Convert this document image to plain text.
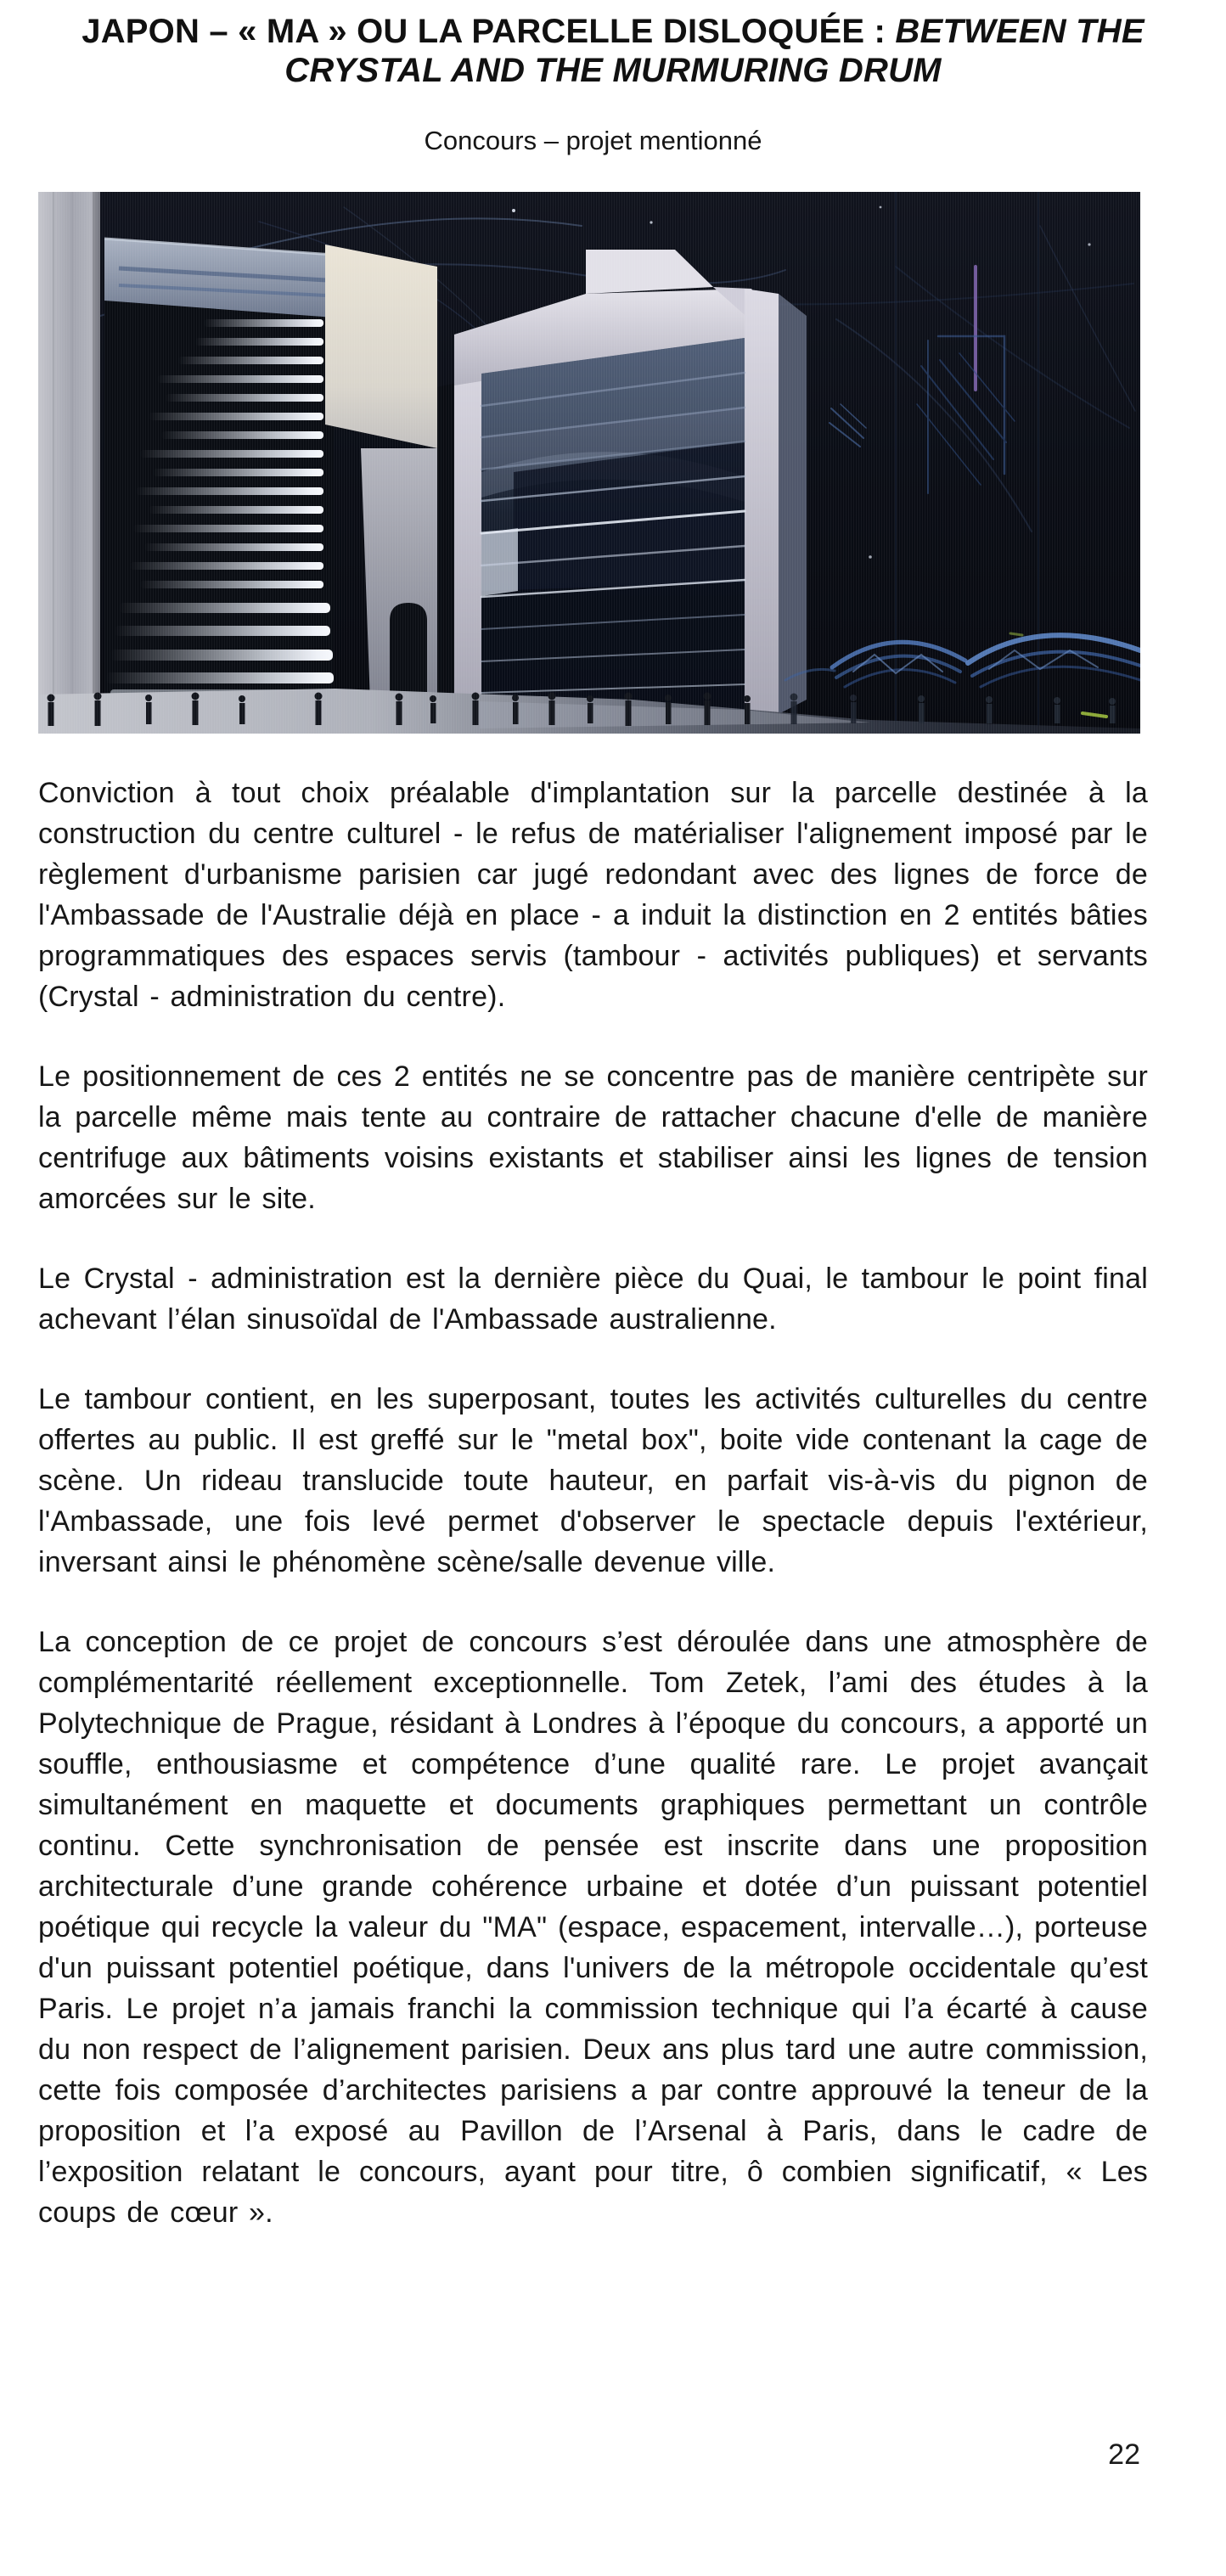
JAPON – « MA » OU LA PARCELLE DISLOQUÉE : BETWEEN THE CRYSTAL AND THE MURMURING DRUM
Concours – projet mentionné

Conviction à tout choix préalable d'implantation sur la parcelle destinée à la construction du centre culturel - le refus de matérialiser l'alignement imposé par le règlement d'urbanisme parisien car jugé redondant avec des lignes de force de l'Ambassade de l'Australie déjà en place - a induit la distinction en 2 entités bâties programmatiques des espaces servis (tambour - activités publiques) et servants (Crystal - administration du centre).

Le positionnement de ces 2 entités ne se concentre pas de manière centripète sur la parcelle même mais tente au contraire de rattacher chacune d'elle de manière centrifuge aux bâtiments voisins existants et stabiliser ainsi les lignes de tension amorcées sur le site.

Le Crystal - administration est la dernière pièce du Quai, le tambour le point final achevant l’élan sinusoïdal de l'Ambassade australienne.

Le tambour contient, en les superposant, toutes les activités culturelles du centre offertes au public. Il est greffé sur le "metal box", boite vide contenant la cage de scène. Un rideau translucide toute hauteur, en parfait vis-à-vis du pignon de l'Ambassade, une fois levé permet d'observer le spectacle depuis l'extérieur, inversant ainsi le phénomène scène/salle devenue ville.

La conception de ce projet de concours s’est déroulée dans une atmosphère de complémentarité réellement exceptionnelle. Tom Zetek, l’ami des études à la Polytechnique de Prague, résidant à Londres à l’époque du concours, a apporté un souffle, enthousiasme et compétence d’une qualité rare. Le projet avançait simultanément en maquette et documents graphiques permettant un contrôle continu. Cette synchronisation de pensée est inscrite dans une proposition architecturale d’une grande cohérence urbaine et dotée d’un puissant potentiel poétique qui recycle la valeur du "MA" (espace, espacement, intervalle…), porteuse d'un puissant potentiel poétique, dans l'univers de la métropole occidentale qu’est Paris. Le projet n’a jamais franchi la commission technique qui l’a écarté à cause du non respect de l’alignement parisien. Deux ans plus tard une autre commission, cette fois composée d’architectes parisiens a par contre approuvé la teneur de la proposition et l’a exposé au Pavillon de l’Arsenal à Paris, dans le cadre de l’exposition relatant le concours, ayant pour titre, ô combien significatif, « Les coups de cœur ».

22
